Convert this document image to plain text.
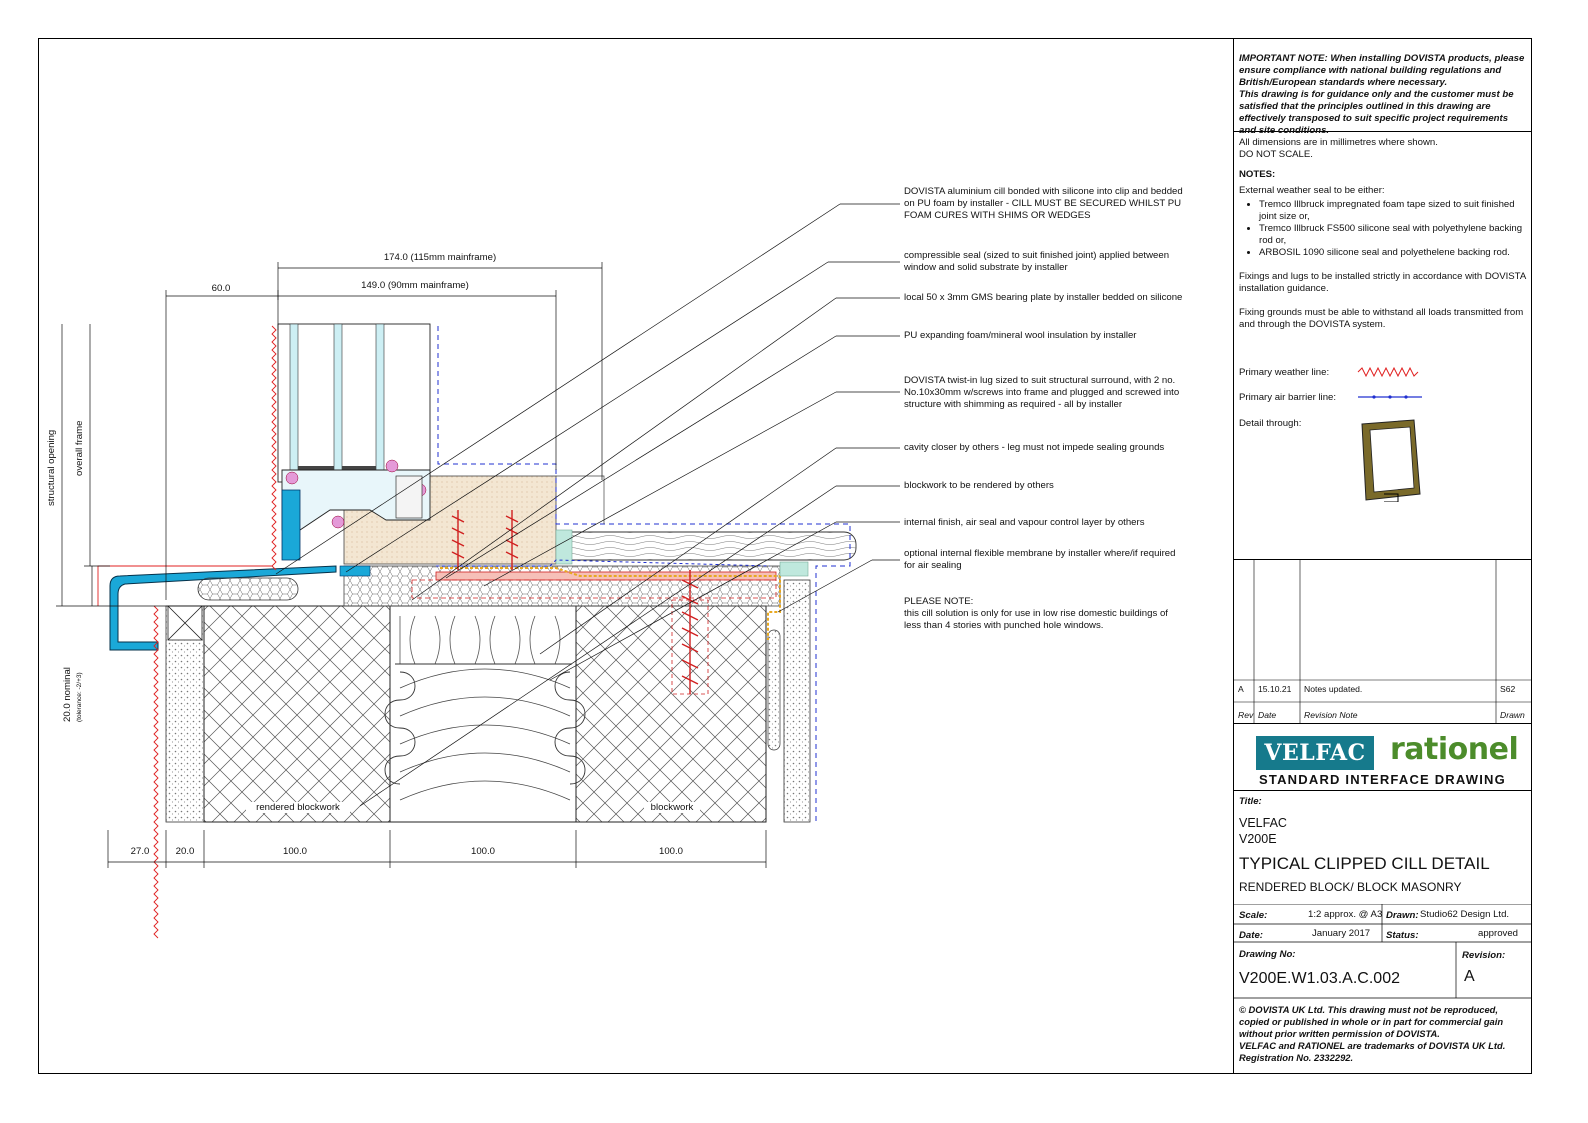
174.0 (115mm mainframe)
149.0 (90mm mainframe)
60.0
27.0	20.0	100.0	100.0	100.0
structural opening overall frame
20.0 nominal (tolerance: -2/+3)
rendered blockwork	blockwork
DOVISTA aluminium cill bonded with silicone into clip and bedded
on PU foam by installer - CILL MUST BE SECURED WHILST PU
FOAM CURES WITH SHIMS OR WEDGES
compressible seal (sized to suit finished joint) applied between
window and solid substrate by installer
local 50 x 3mm GMS bearing plate by installer bedded on silicone
PU expanding foam/mineral wool insulation by installer
DOVISTA twist-in lug sized to suit structural surround, with 2 no.
No.10x30mm w/screws into frame and plugged and screwed into
structure with shimming as required - all by installer
cavity closer by others - leg must not impede sealing grounds
blockwork to be rendered by others
internal finish, air seal and vapour control layer by others
optional internal flexible membrane by installer where/if required
for air sealing
PLEASE NOTE:
this cill solution is only for use in low rise domestic buildings of
less than 4 stories with punched hole windows.

IMPORTANT NOTE: When installing DOVISTA products, please ensure compliance with national building regulations and British/European standards where necessary.
This drawing is for guidance only and the customer must be satisfied that the principles outlined in this drawing are effectively transposed to suit specific project requirements and site conditions.

All dimensions are in millimetres where shown.
DO NOT SCALE.
NOTES:
External weather seal to be either:
• Tremco Illbruck impregnated foam tape sized to suit finished joint size or,
• Tremco Illbruck FS500 silicone seal with polyethylene backing rod or,
• ARBOSIL 1090 silicone seal and polyethelene backing rod.
Fixings and lugs to be installed strictly in accordance with DOVISTA installation guidance.
Fixing grounds must be able to withstand all loads transmitted from and through the DOVISTA system.
Primary weather line:
Primary air barrier line:
Detail through:
A 15.10.21 Notes updated.	S62
Rev Date	Revision Note	Drawn
VELFAC rationel
STANDARD INTERFACE DRAWING
Title:
VELFAC
V200E
TYPICAL CLIPPED CILL DETAIL
RENDERED BLOCK/ BLOCK MASONRY
Scale:	1:2 approx. @ A3 Drawn: Studio62 Design Ltd.
Date:	January 2017 Status:	approved
Drawing No:
V200E.W1.03.A.C.002
Revision:
A
© DOVISTA UK Ltd. This drawing must not be reproduced, copied or published in whole or in part for commercial gain without prior written permission of DOVISTA.
VELFAC and RATIONEL are trademarks of DOVISTA UK Ltd. Registration No. 2332292.
